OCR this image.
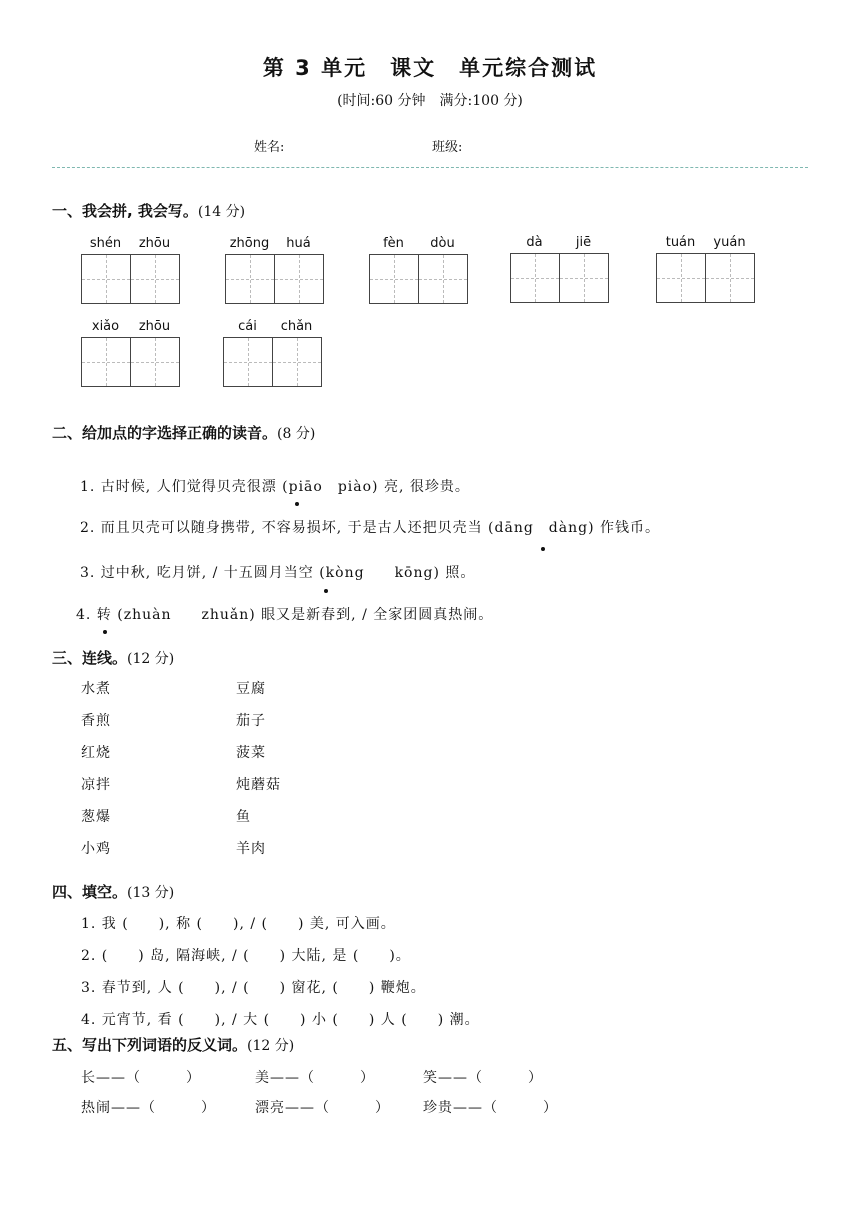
第 3 单元　课文　单元综合测试
(时间:60 分钟　满分:100 分)
姓名:	班级:
一、我会拼, 我会写。(14 分)
shén	zhōu	zhōng	huá	fèn	dòu	dà	jiē	tuán	yuán
xiǎo	zhōu	cái	chǎn
二、给加点的字选择正确的读音。(8 分)
1. 古时候, 人们觉得贝壳很漂 (piāo　piào) 亮, 很珍贵。
2. 而且贝壳可以随身携带, 不容易损坏, 于是古人还把贝壳当 (dāng　dàng) 作钱币。
3. 过中秋, 吃月饼, / 十五圆月当空 (kòng　　kōng) 照。
4. 转 (zhuàn　　zhuǎn) 眼又是新春到, / 全家团圆真热闹。
三、连线。(12 分)
水煮
香煎
红烧
凉拌
葱爆
小鸡
豆腐
茄子
菠菜
炖蘑菇
鱼
羊肉
四、填空。(13 分)
1. 我 (　　), 称 (　　), / (　　) 美, 可入画。
2. (　　) 岛, 隔海峡, / (　　) 大陆, 是 (　　)。
3. 春节到, 人 (　　), / (　　) 窗花, (　　) 鞭炮。
4. 元宵节, 看 (　　), / 大 (　　) 小 (　　) 人 (　　) 潮。
五、写出下列词语的反义词。(12 分)
长——（　　　）	美——（　　　）	笑——（　　　）
热闹——（　　　）	漂亮——（　　　） 珍贵——（　　　）
